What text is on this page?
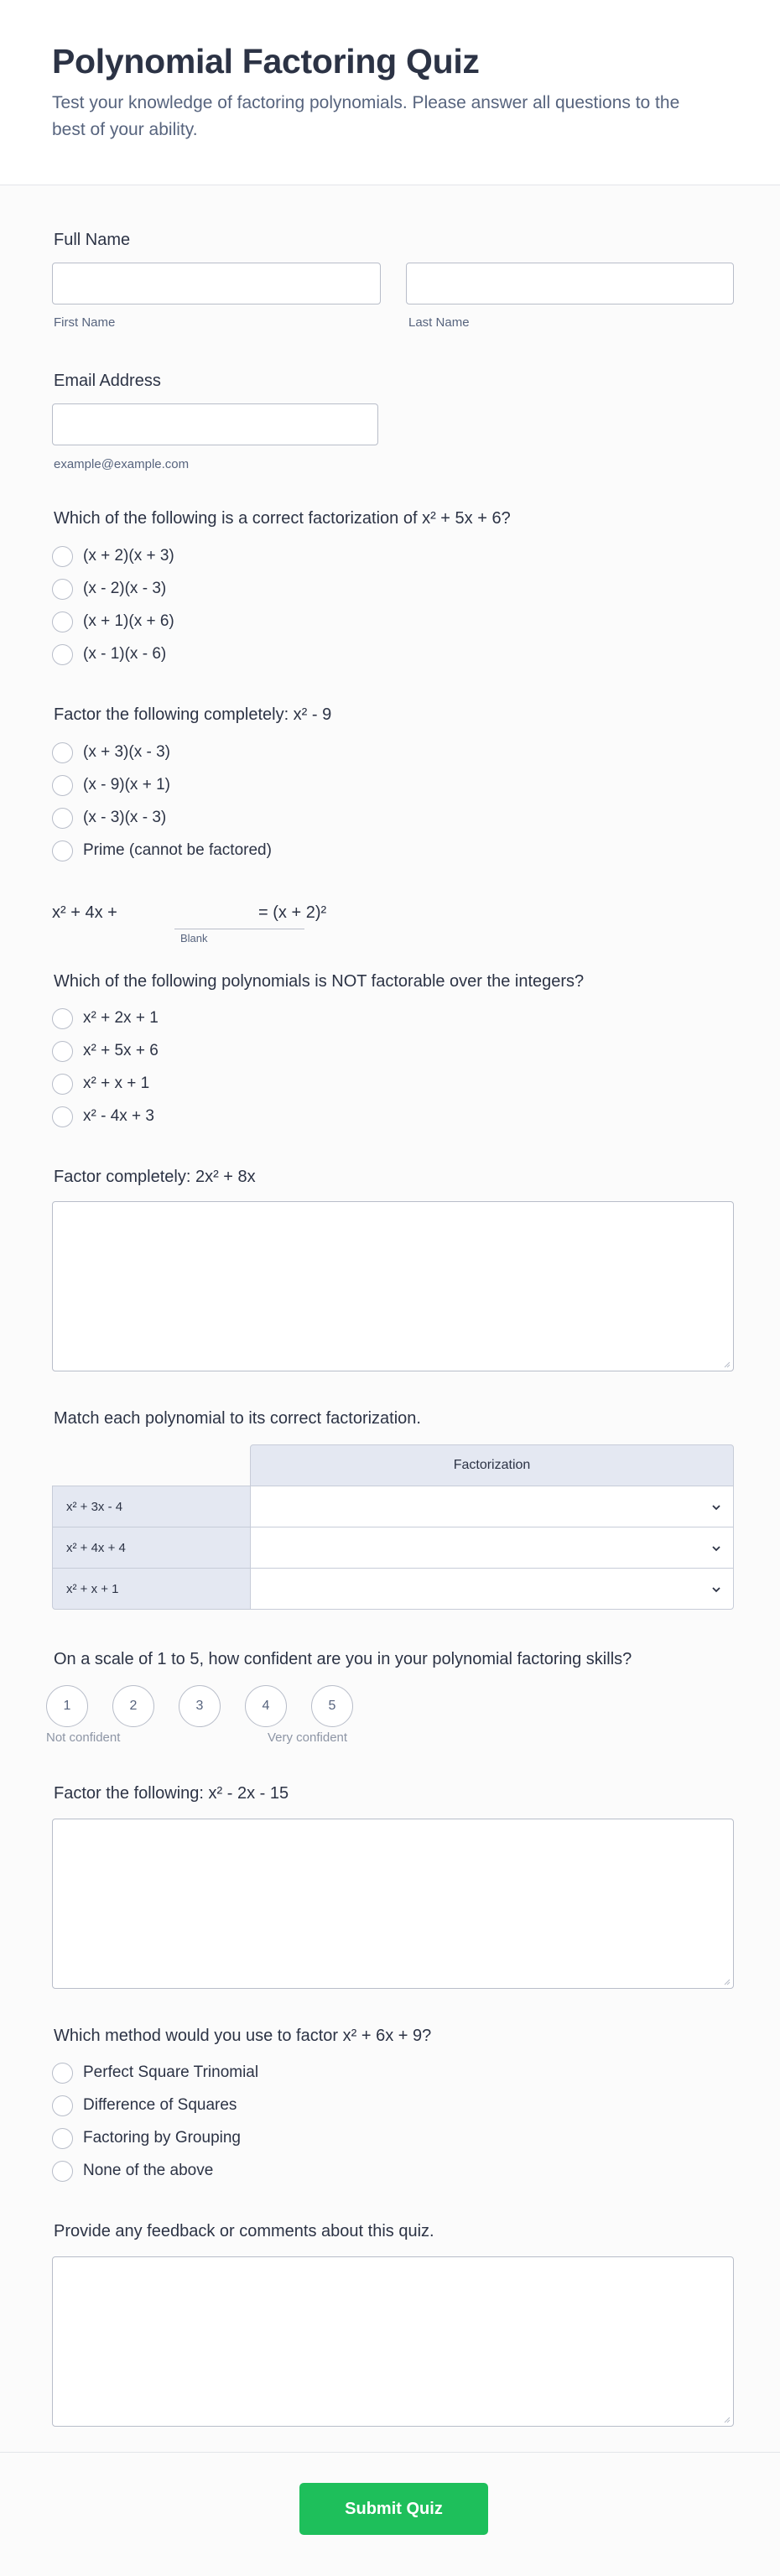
Polynomial Factoring Quiz
Test your knowledge of factoring polynomials. Please answer all questions to the best of your ability.
Full Name
First Name	Last Name
Email Address
example@example.com
Which of the following is a correct factorization of x² + 5x + 6?
(x + 2)(x + 3)
(x - 2)(x - 3)
(x + 1)(x + 6)
(x - 1)(x - 6)
Factor the following completely: x² - 9
(x + 3)(x - 3)
(x - 9)(x + 1)
(x - 3)(x - 3)
Prime (cannot be factored)
x² + 4x +	= (x + 2)²
Blank
Which of the following polynomials is NOT factorable over the integers?
x² + 2x + 1
x² + 5x + 6
x² + x + 1
x² - 4x + 3
Factor completely: 2x² + 8x
Match each polynomial to its correct factorization.
Factorization
x² + 3x - 4
x² + 4x + 4
x² + x + 1
On a scale of 1 to 5, how confident are you in your polynomial factoring skills?
1	2	3	4	5
Not confident	Very confident
Factor the following: x² - 2x - 15
Which method would you use to factor x² + 6x + 9?
Perfect Square Trinomial
Difference of Squares
Factoring by Grouping
None of the above
Provide any feedback or comments about this quiz.
Submit Quiz
